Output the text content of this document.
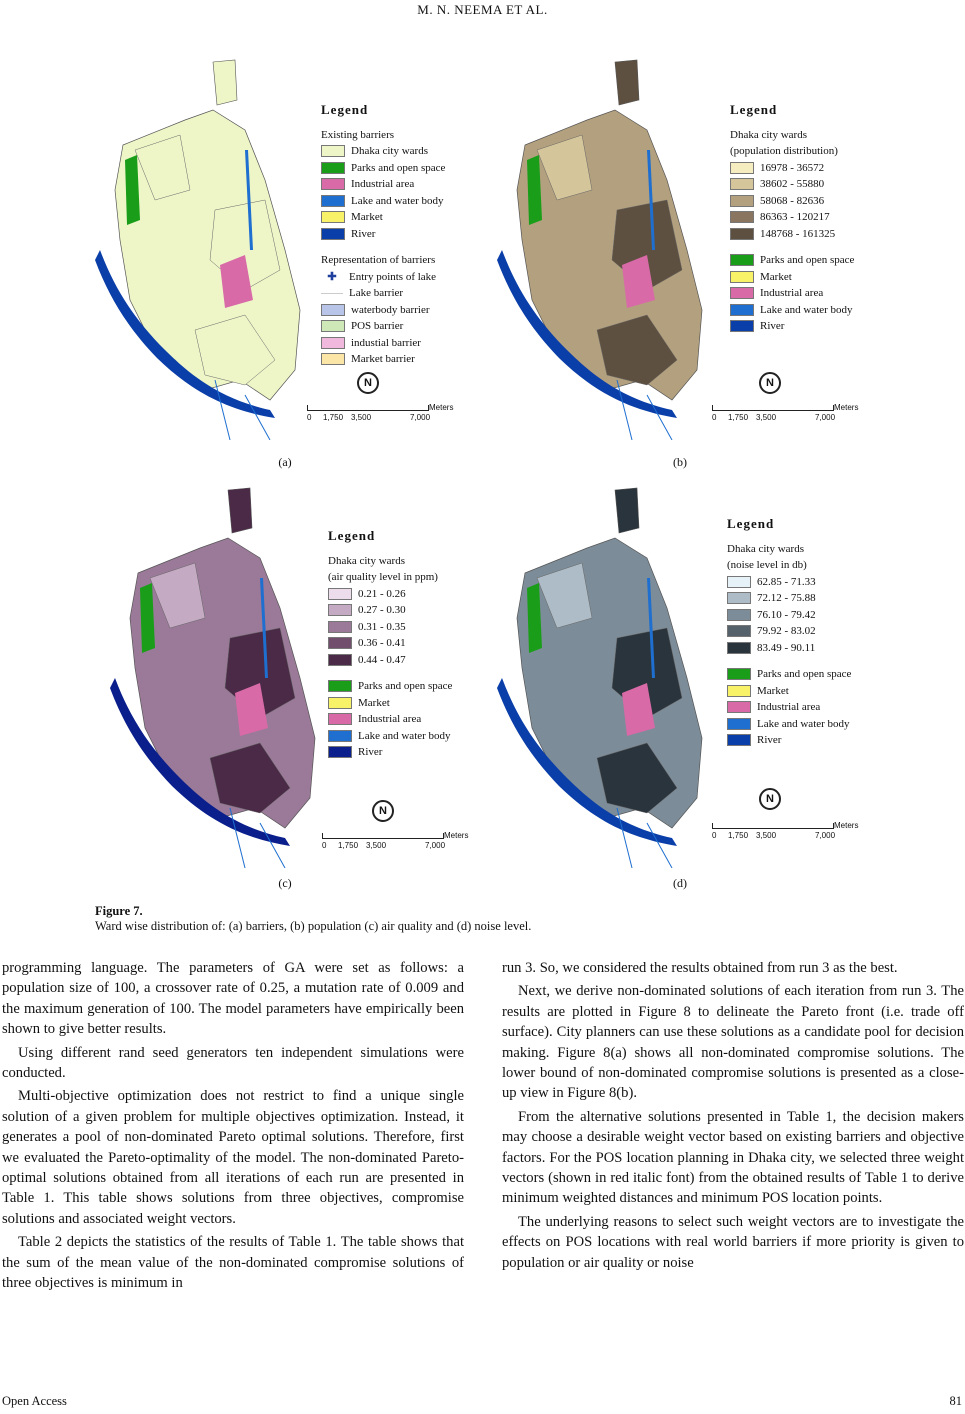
M. N. NEEMA ET AL.
Legend
Existing barriers
Dhaka city wards
Parks and open space
Industrial area
Lake and water body
Market
River
Representation of barriers
✚	Entry points of lake
Lake barrier
waterbody barrier
POS barrier
industial barrier
Market barrier
N
Meters
0 1,750 3,500	7,000
(a)
Legend
Dhaka city wards
(population distribution)
16978 - 36572
38602 - 55880
58068 - 82636
86363 - 120217
148768 - 161325
Parks and open space
Market
Industrial area
Lake and water body
River
N
Meters
0 1,750 3,500	7,000
(b)
Legend
Dhaka city wards
(air quality level in ppm)
0.21 - 0.26
0.27 - 0.30
0.31 - 0.35
0.36 - 0.41
0.44 - 0.47
Parks and open space
Market
Industrial area
Lake and water body
River
N
Meters
0 1,750 3,500	7,000
(c)
Legend
Dhaka city wards
(noise level in db)
62.85 - 71.33
72.12 - 75.88
76.10 - 79.42
79.92 - 83.02
83.49 - 90.11
Parks and open space
Market
Industrial area
Lake and water body
River
N
Meters
0 1,750 3,500	7,000
(d)
Figure 7.
Ward wise distribution of: (a) barriers, (b) population (c) air quality and (d) noise level.

programming language. The parameters of GA were set as follows: a population size of 100, a crossover rate of 0.25, a mutation rate of 0.009 and the maximum generation of 100. The model parameters have empirically been shown to give better results.

Using different rand seed generators ten independent simulations were conducted.

Multi-objective optimization does not restrict to find a unique single solution of a given problem for multiple objectives optimization. Instead, it generates a pool of non-dominated Pareto optimal solutions. Therefore, first we evaluated the Pareto-optimality of the model. The non-dominated Pareto-optimal solutions obtained from all iterations of each run are presented in Table 1. This table shows solutions from three objectives, compromise solutions and associated weight vectors.

Table 2 depicts the statistics of the results of Table 1. The table shows that the sum of the mean value of the non-dominated compromise solutions of three objectives is minimum in

run 3. So, we considered the results obtained from run 3 as the best.

Next, we derive non-dominated solutions of each iteration from run 3. The results are plotted in Figure 8 to delineate the Pareto front (i.e. trade off surface). City planners can use these solutions as a candidate pool for decision making. Figure 8(a) shows all non-dominated compromise solutions. The lower bound of non-dominated compromise solutions is presented as a close-up view in Figure 8(b).

From the alternative solutions presented in Table 1, the decision makers may choose a desirable weight vector based on existing barriers and objective factors. For the POS location planning in Dhaka city, we selected three weight vectors (shown in red italic font) from the obtained results of Table 1 to derive minimum weighted distances and minimum POS location points.

The underlying reasons to select such weight vectors are to investigate the effects on POS locations with real world barriers if more priority is given to population or air quality or noise

Open Access	81
